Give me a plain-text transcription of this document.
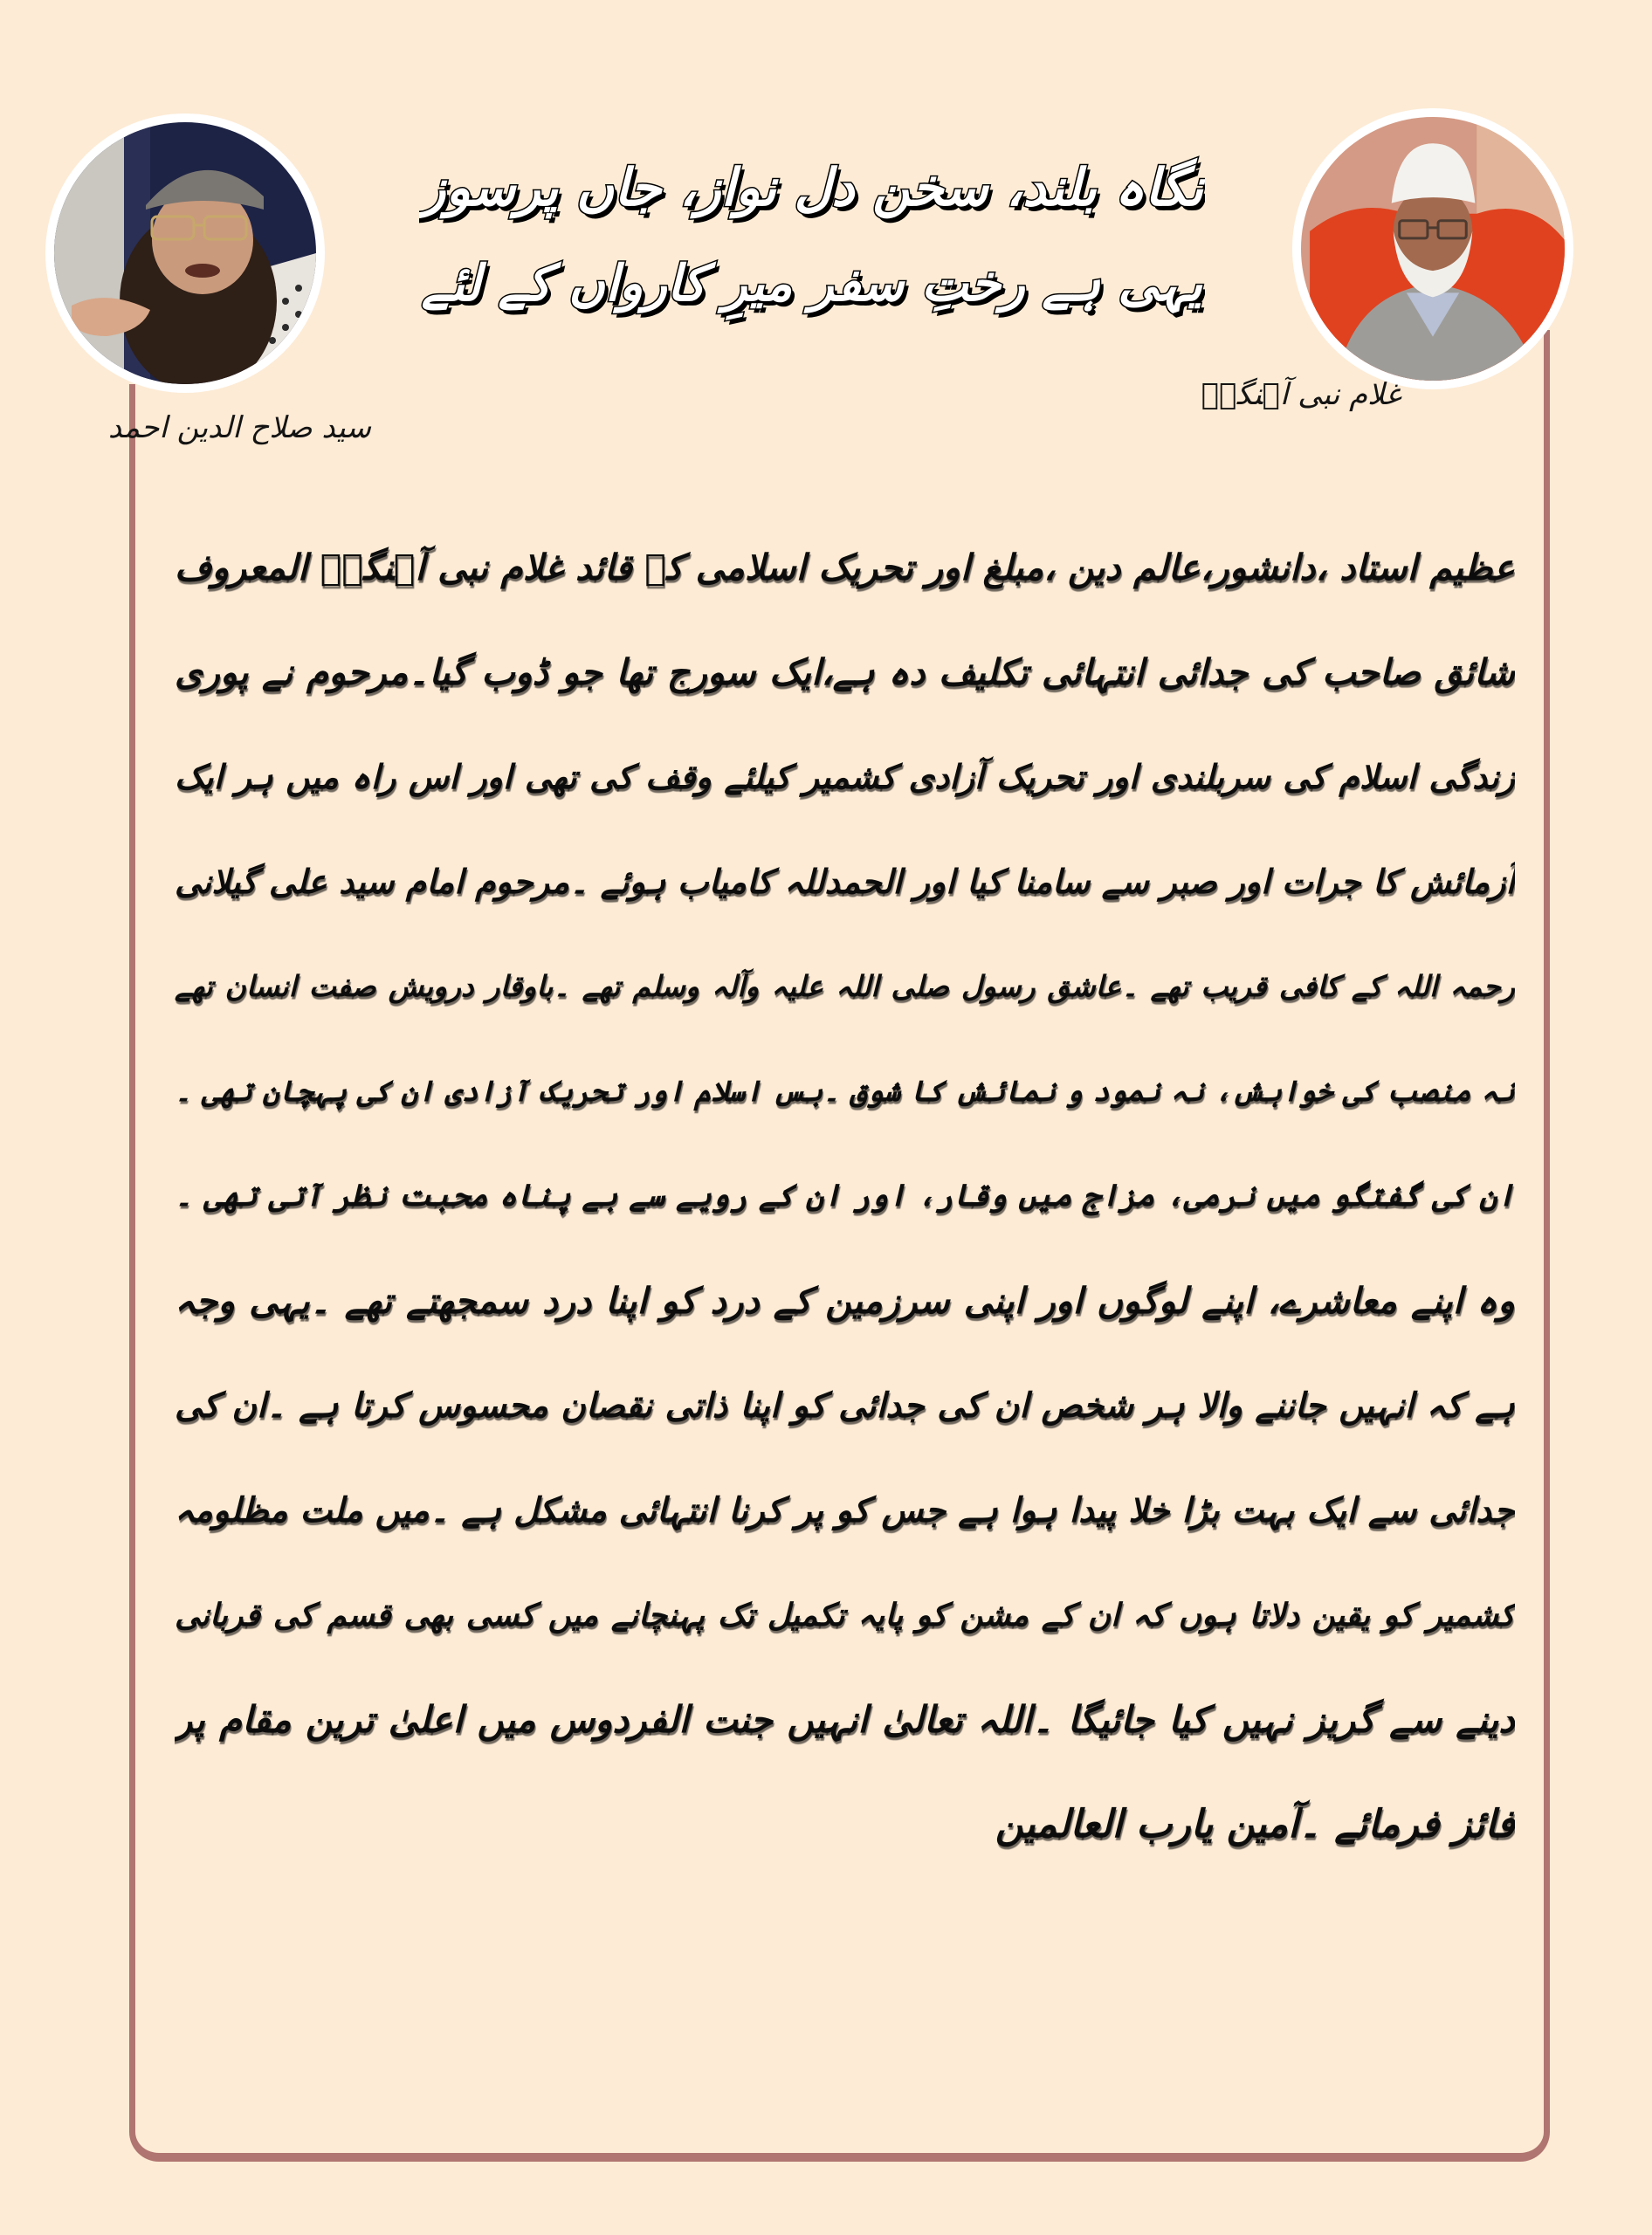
نگاہ بلند، سخن دل نواز، جاں پرسوز
یہی ہے رختِ سفر میرِ کارواں کے لئے
سید صلاح الدین احمد
غلام نبی آہنگرؒ
عظیم استاد ،دانشور،عالم دین ،مبلغ اور تحریک اسلامی کے قائد غلام نبی آہنگرؒ المعروف
شائق صاحب کی جدائی انتہائی تکلیف دہ ہے،ایک سورج تھا جو ڈوب گیا۔مرحوم نے پوری
زندگی اسلام کی سربلندی اور تحریک آزادی کشمیر کیلئے وقف کی تھی اور اس راہ میں ہر ایک
آزمائش کا جرات اور صبر سے سامنا کیا اور الحمدللہ کامیاب ہوئے ۔مرحوم امام سید علی گیلانی
رحمہ اللہ کے کافی قریب تھے ۔عاشق رسول صلی اللہ علیہ وآلہ وسلم تھے ۔باوقار درویش صفت انسان تھے
نہ منصب کی خواہش، نہ نمود و نمائش کا شوق ۔بس اسلام اور تحریک آزادی ان کی پہچان تھی ۔
ان کی گفتگو میں نرمی، مزاج میں وقار، اور ان کے رویے سے بے پناہ محبت نظر آتی تھی ۔
وہ اپنے معاشرے، اپنے لوگوں اور اپنی سرزمین کے درد کو اپنا درد سمجھتے تھے ۔یہی وجہ
ہے کہ انہیں جاننے والا ہر شخص ان کی جدائی کو اپنا ذاتی نقصان محسوس کرتا ہے ۔ان کی
جدائی سے ایک بہت بڑا خلا پیدا ہوا ہے جس کو پر کرنا انتہائی مشکل ہے ۔میں ملت مظلومہ
کشمیر کو یقین دلاتا ہوں کہ ان کے مشن کو پایہ تکمیل تک پہنچانے میں کسی بھی قسم کی قربانی
دینے سے گریز نہیں کیا جائیگا ۔اللہ تعالیٰ انہیں جنت الفردوس میں اعلیٰ ترین مقام پر
فائز فرمائے ۔آمین یارب العالمین
